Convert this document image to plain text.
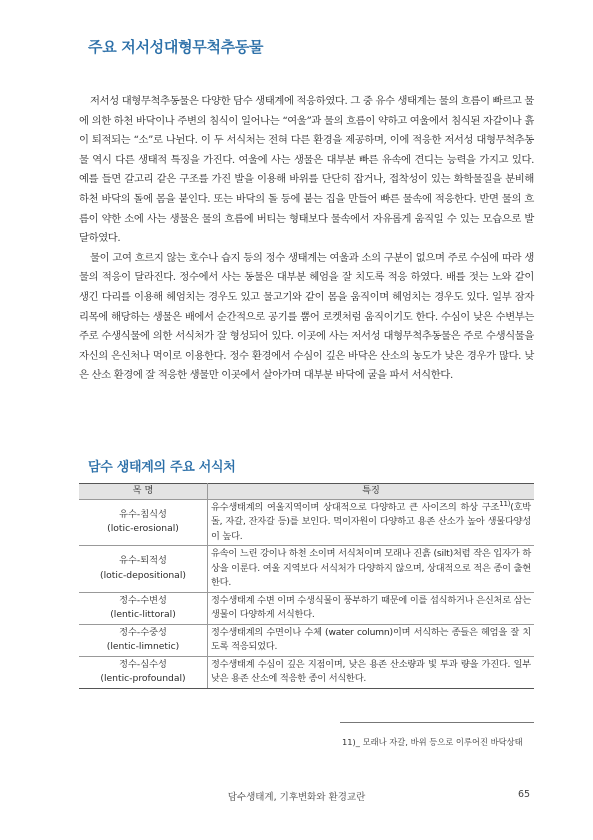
주요 저서성대형무척추동물

저서성 대형무척추동물은 다양한 담수 생태계에 적응하였다. 그 중 유수 생태계는 물의 흐름이 빠르고 물에 의한 하천 바닥이나 주변의 침식이 일어나는 “여울”과 물의 흐름이 약하고 여울에서 침식된 자갈이나 흙이 퇴적되는 “소”로 나뉜다. 이 두 서식처는 전혀 다른 환경을 제공하며, 이에 적응한 저서성 대형무척추동물 역시 다른 생태적 특징을 가진다. 여울에 사는 생물은 대부분 빠른 유속에 견디는 능력을 가지고 있다. 예를 들면 갈고리 같은 구조를 가진 발을 이용해 바위를 단단히 잡거나, 접착성이 있는 화학물질을 분비해 하천 바닥의 돌에 몸을 붙인다. 또는 바닥의 돌 등에 붙는 집을 만들어 빠른 물속에 적응한다. 반면 물의 흐름이 약한 소에 사는 생물은 물의 흐름에 버티는 형태보다 물속에서 자유롭게 움직일 수 있는 모습으로 발달하였다.

물이 고여 흐르지 않는 호수나 습지 등의 정수 생태계는 여울과 소의 구분이 없으며 주로 수심에 따라 생물의 적응이 달라진다. 정수에서 사는 동물은 대부분 헤엄을 잘 치도록 적응 하였다. 배를 젓는 노와 같이 생긴 다리를 이용해 헤엄치는 경우도 있고 물고기와 같이 몸을 움직이며 헤엄치는 경우도 있다. 일부 잠자리목에 해당하는 생물은 배에서 순간적으로 공기를 뿜어 로켓처럼 움직이기도 한다. 수심이 낮은 수변부는 주로 수생식물에 의한 서식처가 잘 형성되어 있다. 이곳에 사는 저서성 대형무척추동물은 주로 수생식물을 자신의 은신처나 먹이로 이용한다. 정수 환경에서 수심이 깊은 바닥은 산소의 농도가 낮은 경우가 많다. 낮은 산소 환경에 잘 적응한 생물만 이곳에서 살아가며 대부분 바닥에 굴을 파서 서식한다.

담수 생태계의 주요 서식처
목 명	특징

유수-침식성
(lotic-erosional)	유수생태계의 여울지역이며 상대적으로 다양하고 큰 사이즈의 하상 구조$^{11)}$(호박돌, 자갈, 잔자갈 등)를 보인다. 먹이자원이 다양하고 용존 산소가 높아 생물다양성이 높다.

유수-퇴적성
(lotic-depositional)	유속이 느린 강이나 하천 소이며 서식처이며 모래나 진흙 (silt)처럼 작은 입자가 하상을 이룬다. 여울 지역보다 서식처가 다양하지 않으며, 상대적으로 적은 종이 출현한다.

정수-수변성
(lentic-littoral)	정수생태계 수변 이며 수생식물이 풍부하기 때문에 이를 섭식하거나 은신처로 삼는 생물이 다양하게 서식한다.

정수-수중성
(lentic-limnetic)	정수생태계의 수면이나 수체 (water column)이며 서식하는 종들은 헤엄을 잘 치도록 적응되었다.

정수-심수성
(lentic-profoundal)	정수생태계 수심이 깊은 지점이며, 낮은 용존 산소량과 빛 투과 량을 가진다. 일부 낮은 용존 산소에 적응한 종이 서식한다.
11)_ 모래나 자갈, 바위 등으로 이루어진 바닥상태
담수생태계, 기후변화와 환경교란	65
